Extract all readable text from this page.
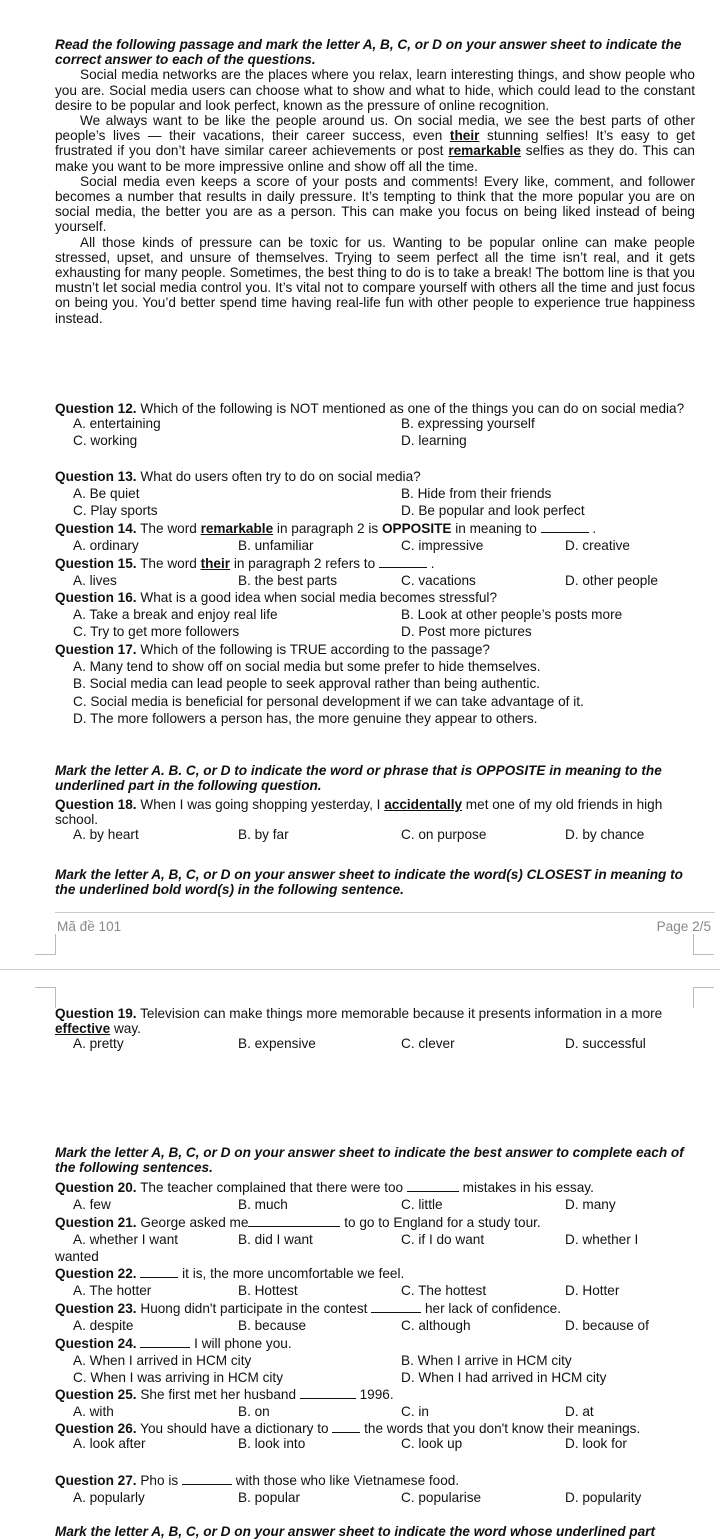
Read the following passage and mark the letter A, B, C, or D on your answer sheet to indicate the correct answer to each of the questions.

Social media networks are the places where you relax, learn interesting things, and show people who you are. Social media users can choose what to show and what to hide, which could lead to the constant desire to be popular and look perfect, known as the pressure of online recognition.

We always want to be like the people around us. On social media, we see the best parts of other people’s lives — their vacations, their career success, even their stunning selfies! It’s easy to get frustrated if you don’t have similar career achievements or post remarkable selfies as they do. This can make you want to be more impressive online and show off all the time.

Social media even keeps a score of your posts and comments! Every like, comment, and follower becomes a number that results in daily pressure. It’s tempting to think that the more popular you are on social media, the better you are as a person. This can make you focus on being liked instead of being yourself.

All those kinds of pressure can be toxic for us. Wanting to be popular online can make people stressed, upset, and unsure of themselves. Trying to seem perfect all the time isn’t real, and it gets exhausting for many people. Sometimes, the best thing to do is to take a break! The bottom line is that you mustn’t let social media control you. It’s vital not to compare yourself with others all the time and just focus on being you. You’d better spend time having real-life fun with other people to experience true happiness instead.

Question 12. Which of the following is NOT mentioned as one of the things you can do on social media?

A. entertaining	B. expressing yourself
C. working	D. learning
Question 13. What do users often try to do on social media?
A. Be quiet	B. Hide from their friends
C. Play sports	D. Be popular and look perfect
Question 14. The word remarkable in paragraph 2 is OPPOSITE in meaning to	.
A. ordinary	B. unfamiliar	C. impressive	D. creative
Question 15. The word their in paragraph 2 refers to	.
A. lives	B. the best parts	C. vacations	D. other people
Question 16. What is a good idea when social media becomes stressful?
A. Take a break and enjoy real life	B. Look at other people’s posts more
C. Try to get more followers	D. Post more pictures
Question 17. Which of the following is TRUE according to the passage?
A. Many tend to show off on social media but some prefer to hide themselves.
B. Social media can lead people to seek approval rather than being authentic.
C. Social media is beneficial for personal development if we can take advantage of it.
D. The more followers a person has, the more genuine they appear to others.

Mark the letter A. B. C, or D to indicate the word or phrase that is OPPOSITE in meaning to the underlined part in the following question.

Question 18. When I was going shopping yesterday, I accidentally met one of my old friends in high school.

A. by heart	B. by far	C. on purpose	D. by chance

Mark the letter A, B, C, or D on your answer sheet to indicate the word(s) CLOSEST in meaning to the underlined bold word(s) in the following sentence.

Mã đề 101	Page 2/5

Question 19. Television can make things more memorable because it presents information in a more effective way.

A. pretty	B. expensive	C. clever	D. successful

Mark the letter A, B, C, or D on your answer sheet to indicate the best answer to complete each of the following sentences.

Question 20. The teacher complained that there were too	mistakes in his essay.
A. few	B. much	C. little	D. many
Question 21. George asked me	to go to England for a study tour.
A. whether I want	B. did I want	C. if I do want	D. whether I
wanted
Question 22.	it is, the more uncomfortable we feel.
A. The hotter	B. Hottest	C. The hottest	D. Hotter
Question 23. Huong didn't participate in the contest	her lack of confidence.
A. despite	B. because	C. although	D. because of
Question 24.	I will phone you.
A. When I arrived in HCM city	B. When I arrive in HCM city
C. When I was arriving in HCM city	D. When I had arrived in HCM city
Question 25. She first met her husband	1996.
A. with	B. on	C. in	D. at

Question 26. You should have a dictionary to  the words that you don't know their meanings.

A. look after	B. look into	C. look up	D. look for
Question 27. Pho is	with those who like Vietnamese food.
A. popularly	B. popular	C. popularise	D. popularity

Mark the letter A, B, C, or D on your answer sheet to indicate the word whose underlined part
